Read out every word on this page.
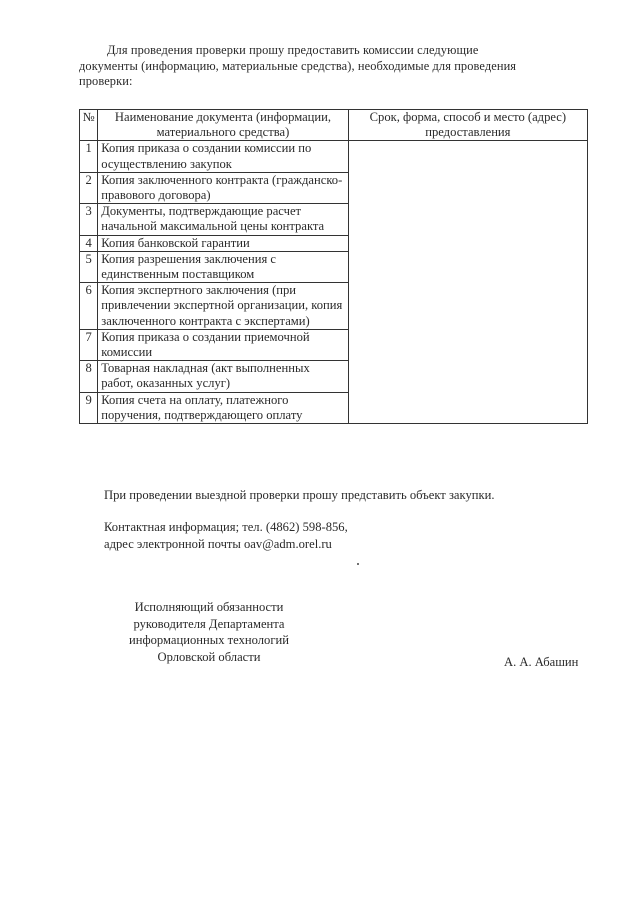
Для проведения проверки прошу предоставить комиссии следующие
документы (информацию, материальные средства), необходимые для проведения
проверки:
№	Наименование документа (информации, материального средства)	Срок, форма, способ и место (адрес) предоставления
1	Копия приказа о создании комиссии по осуществлению закупок	
2	Копия заключенного контракта (гражданско-правового договора)	
3	Документы, подтверждающие расчет начальной максимальной цены контракта	
4	Копия банковской гарантии	
5	Копия разрешения заключения с единственным поставщиком	
6	Копия экспертного заключения (при привлечении экспертной организации, копия заключенного контракта с экспертами)	
7	Копия приказа о создании приемочной комиссии	
8	Товарная накладная (акт выполненных работ, оказанных услуг)	
9	Копия счета на оплату, платежного поручения, подтверждающего оплату	
При проведении выездной проверки прошу представить объект закупки.
Контактная информация; тел. (4862) 598-856,
адрес электронной почты oav@adm.orel.ru
Исполняющий обязанности
руководителя Департамента
информационных технологий
Орловской области	А. А. Абашин
